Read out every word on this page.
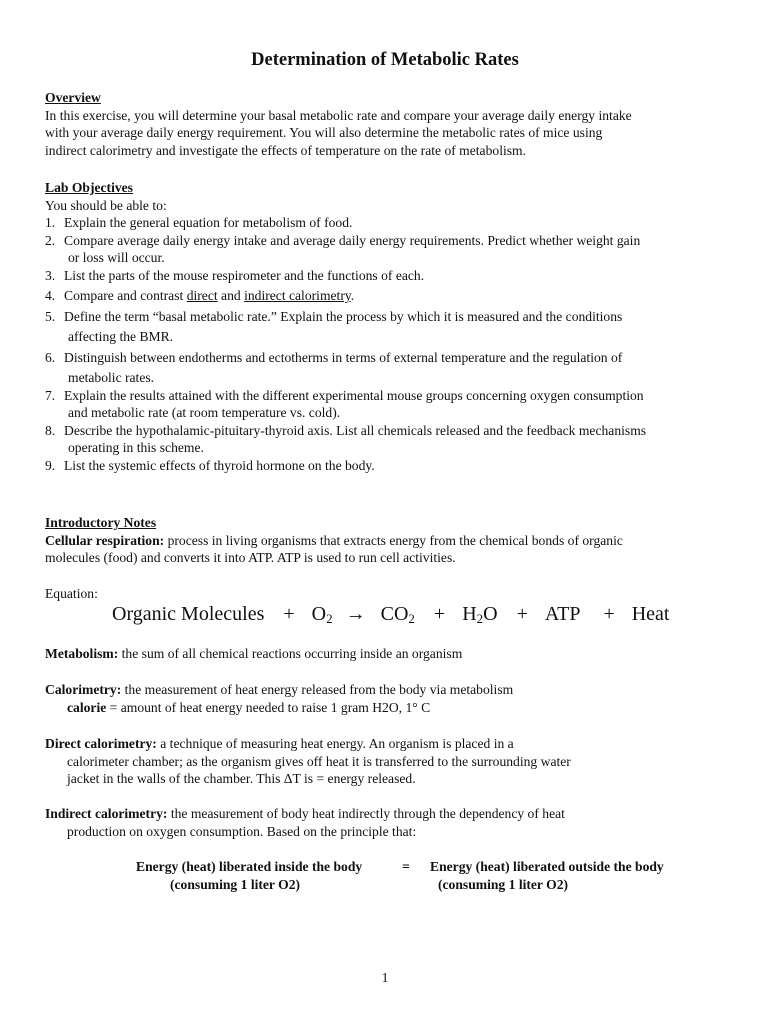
Determination of Metabolic Rates
Overview

In this exercise, you will determine your basal metabolic rate and compare your average daily energy intake

with your average daily energy requirement. You will also determine the metabolic rates of mice using

indirect calorimetry and investigate the effects of temperature on the rate of metabolism.

Lab Objectives

You should be able to:

1. Explain the general equation for metabolism of food.
2. Compare average daily energy intake and average daily energy requirements. Predict whether weight gain
or loss will occur.
3. List the parts of the mouse respirometer and the functions of each.
4. Compare and contrast direct and indirect calorimetry.
5. Define the term “basal metabolic rate.” Explain the process by which it is measured and the conditions
affecting the BMR.
6. Distinguish between endotherms and ectotherms in terms of external temperature and the regulation of
metabolic rates.
7. Explain the results attained with the different experimental mouse groups concerning oxygen consumption
and metabolic rate (at room temperature vs. cold).
8. Describe the hypothalamic-pituitary-thyroid axis. List all chemicals released and the feedback mechanisms
operating in this scheme.
9. List the systemic effects of thyroid hormone on the body.
Introductory Notes

Cellular respiration: process in living organisms that extracts energy from the chemical bonds of organic

molecules (food) and converts it into ATP. ATP is used to run cell activities.

Equation:
Organic Molecules + $O_2 \to CO_2 + H_2O$ + ATP + Heat
Metabolism: the sum of all chemical reactions occurring inside an organism

Calorimetry: the measurement of heat energy released from the body via metabolism

calorie = amount of heat energy needed to raise 1 gram H2O, 1° C

Direct calorimetry: a technique of measuring heat energy. An organism is placed in a

calorimeter chamber; as the organism gives off heat it is transferred to the surrounding water

jacket in the walls of the chamber. This ΔT is = energy released.

Indirect calorimetry: the measurement of body heat indirectly through the dependency of heat

production on oxygen consumption. Based on the principle that:

Energy (heat) liberated inside the body
(consuming 1 liter O2)
= Energy (heat) liberated outside the body
(consuming 1 liter O2)
1
